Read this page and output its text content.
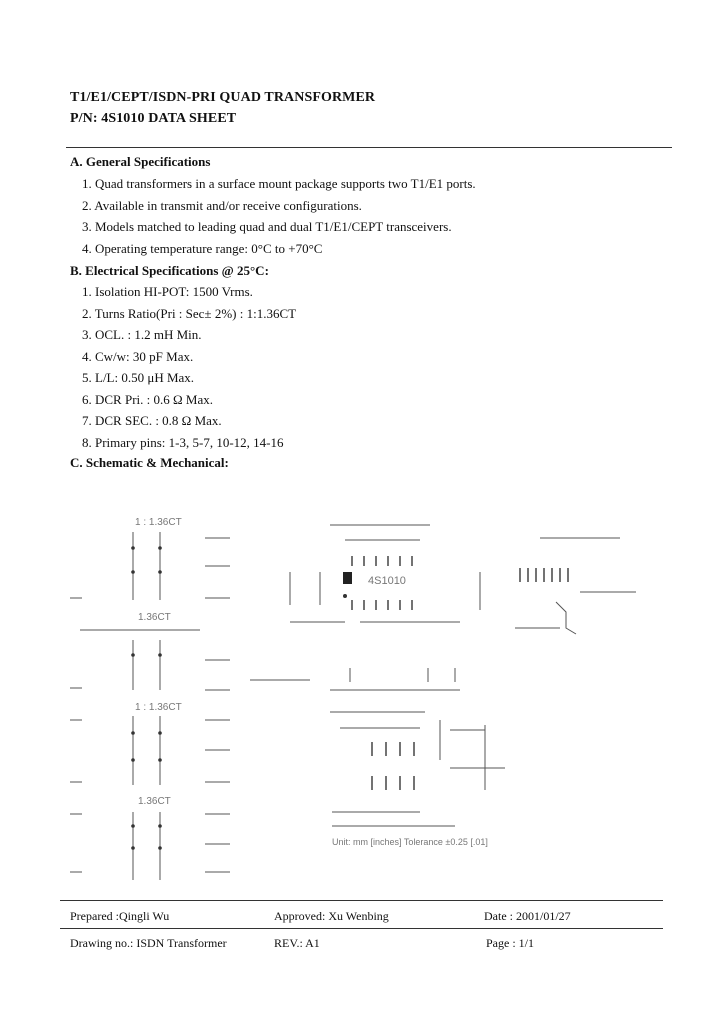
T1/E1/CEPT/ISDN-PRI QUAD TRANSFORMER
P/N: 4S1010 DATA SHEET
A. General Specifications
1. Quad transformers in a surface mount package supports two T1/E1 ports.
2. Available in transmit and/or receive configurations.
3. Models matched to leading quad and dual T1/E1/CEPT transceivers.
4. Operating temperature range: 0°C to +70°C
B. Electrical Specifications @ 25°C:
1. Isolation HI-POT: 1500 Vrms.
2. Turns Ratio(Pri : Sec± 2%) : 1:1.36CT
3. OCL. : 1.2 mH Min.
4. Cw/w: 30 pF Max.
5. L/L: 0.50 μH Max.
6. DCR Pri. : 0.6 Ω Max.
7. DCR SEC. : 0.8 Ω Max.
8. Primary pins: 1-3, 5-7, 10-12, 14-16
C. Schematic & Mechanical:
1 : 1.36CT
1.36CT
1 : 1.36CT
1.36CT
4S1010
Unit: mm [inches] Tolerance ±0.25 [.01]
Prepared :Qingli Wu	Approved: Xu Wenbing	Date : 2001/01/27
Drawing no.: ISDN Transformer	REV.: A1	Page : 1/1
